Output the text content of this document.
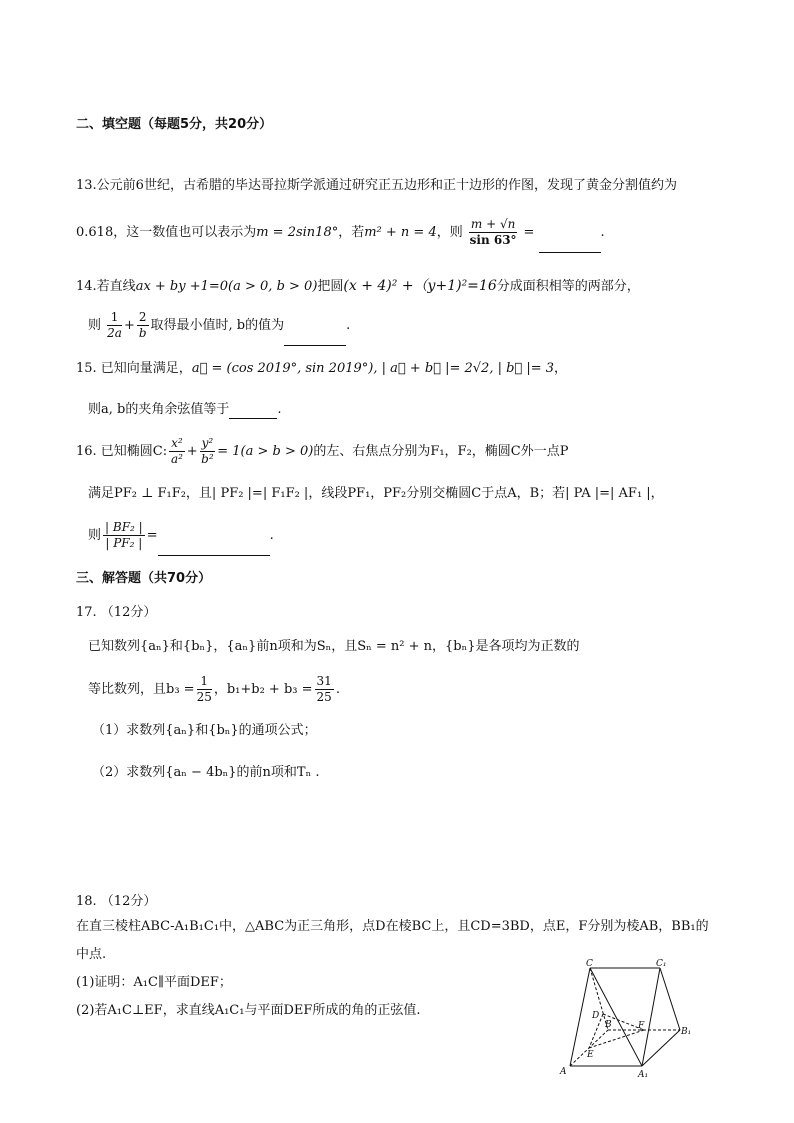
二、填空题（每题5分，共20分）
13.公元前6世纪，古希腊的毕达哥拉斯学派通过研究正五边形和正十边形的作图，发现了黄金分割值约为
0.618，这一数值也可以表示为m = 2sin18°，若m² + n = 4，则 $\frac{m + √n}{\sin 63^\circ}$ =	.
14.若直线ax + by +1=0(a > 0, b > 0)把圆(x + 4)² +（y+1)²=16分成面积相等的两部分，
则 $\frac{1}{2a} + \frac{2}{b}$ 取得最小值时, b的值为	.
15. 已知向量满足，a⃗ = (cos 2019°, sin 2019°), | a⃗ + b⃗ |= 2√2, | b⃗ |= 3，
则a, b的夹角余弦值等于	.
16. 已知椭圆C: $\frac{\text{x²}}{\text{a²}} + \frac{\text{y²}}{\text{b²}} = 1(a > b > 0)$的左、右焦点分别为F₁，F₂，椭圆C外一点P
满足PF₂ ⊥ F₁F₂，且| PF₂ |=| F₁F₂ |，线段PF₁，PF₂分别交椭圆C于点A，B；若| PA |=| AF₁ |，
则 $\frac{\text{| BF₂ |}}{\text{| PF₂ |}}$ =	.
三、解答题（共70分）
17. （12分）
已知数列{aₙ}和{bₙ}，{aₙ}前n项和为Sₙ，且Sₙ = n² + n，{bₙ}是各项均为正数的
等比数列，且$b_3 = \frac{1}{25}$ ，$b_1+b_2 + b_3 = \frac{31}{25}$ .
（1）求数列{aₙ}和{bₙ}的通项公式；
（2）求数列{aₙ − 4bₙ}的前n项和Tₙ .
18. （12分）
在直三棱柱ABC-A₁B₁C₁中，△ABC为正三角形，点D在棱BC上，且CD=3BD，点E，F分别为棱AB，BB₁的
中点.
(1)证明：A₁C∥平面DEF；
(2)若A₁C⊥EF，求直线A₁C₁与平面DEF所成的角的正弦值.
C	C₁
D
B	F
B₁
E
A	A₁
